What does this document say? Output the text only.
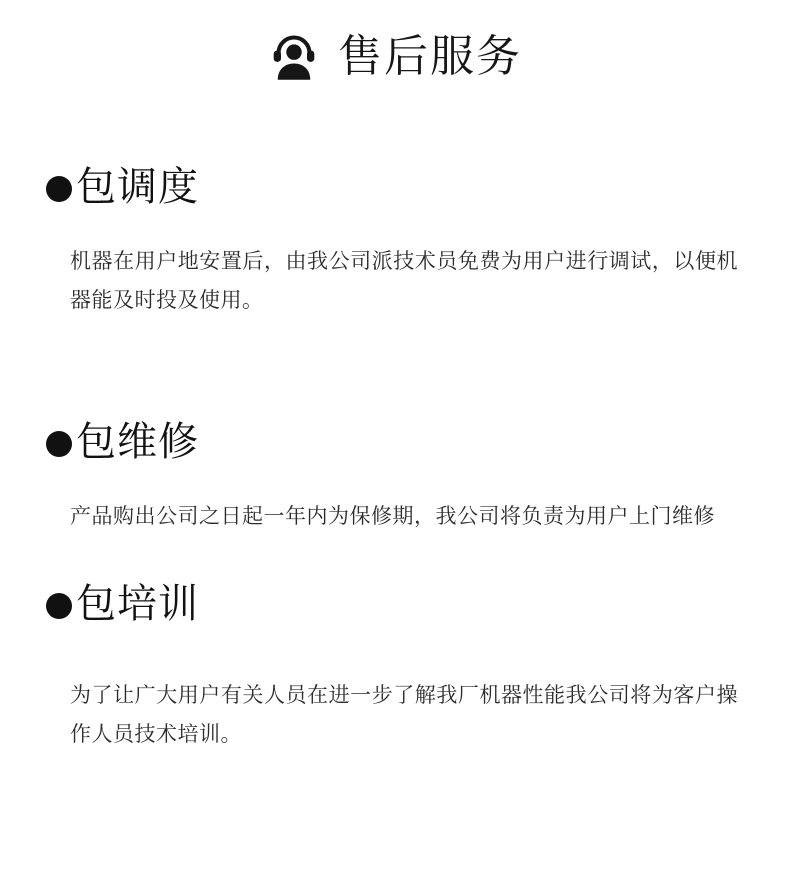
售后服务
包调度

机器在用户地安置后，由我公司派技术员免费为用户进行调试，以便机器能及时投及使用。

包维修

产品购出公司之日起一年内为保修期，我公司将负责为用户上门维修

包培训

为了让广大用户有关人员在进一步了解我厂机器性能我公司将为客户操作人员技术培训。
